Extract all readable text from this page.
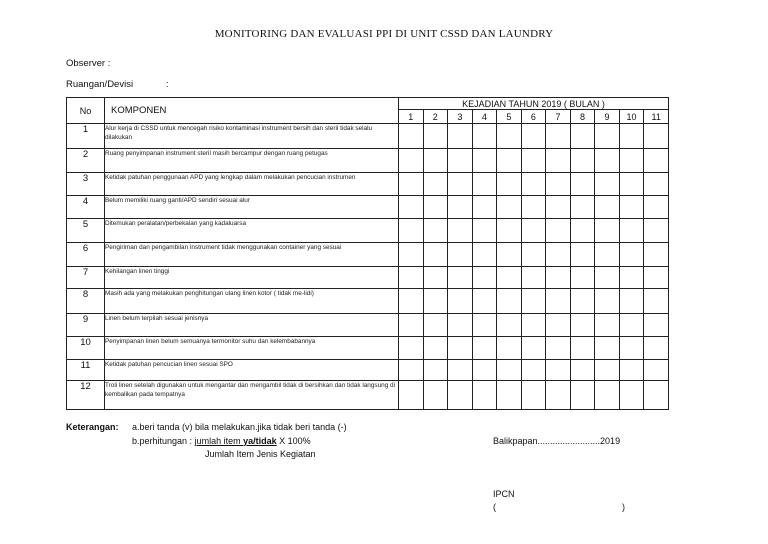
MONITORING DAN EVALUASI PPI DI UNIT CSSD DAN LAUNDRY
Observer :
Ruangan/Devisi	:
No	KOMPONEN	KEJADIAN TAHUN 2019 ( BULAN )										
		1	2	3	4	5	6	7	8	9	10	11
1	Alur kerja di CSSD untuk mencegah risiko kontaminasi instrument bersih dan steril tidak selalu dilakukan											
2	Ruang penyimpanan instrument steril masih bercampur dengan ruang petugas											
3	Ketidak patuhan penggunaan APD yang lengkap dalam melakukan pencucian instrumen											
4	Belum memiliki ruang ganti/APD sendiri sesuai alur											
5	Ditemukan peralatan/perbekalan yang kadaluarsa											
6	Pengiriman dan pengambilan instrument tidak menggunakan container yang sesuai											
7	Kehilangan linen tinggi											
8	Masih ada yang melakukan penghitungan ulang linen kotor ( tidak me-lidi)											
9	Linen belum terpilah sesuai jenisnya											
10	Penyimpanan linen belum semuanya termonitor suhu dan kelembabannya											
11	Ketidak patuhan pencucian linen sesuai SPO											
12	Troli linen setelah digunakan untuk mengantar dan mengambil tidak di bersihkan dan tidak langsung di kembalikan pada tempatnya											
Keterangan: a.beri tanda (v) bila melakukan.jika tidak beri tanda (-)
b.perhitungan : jumlah item ya/tidak X 100%
Jumlah Item Jenis Kegiatan
Balikpapan.........................2019
IPCN
(	)
